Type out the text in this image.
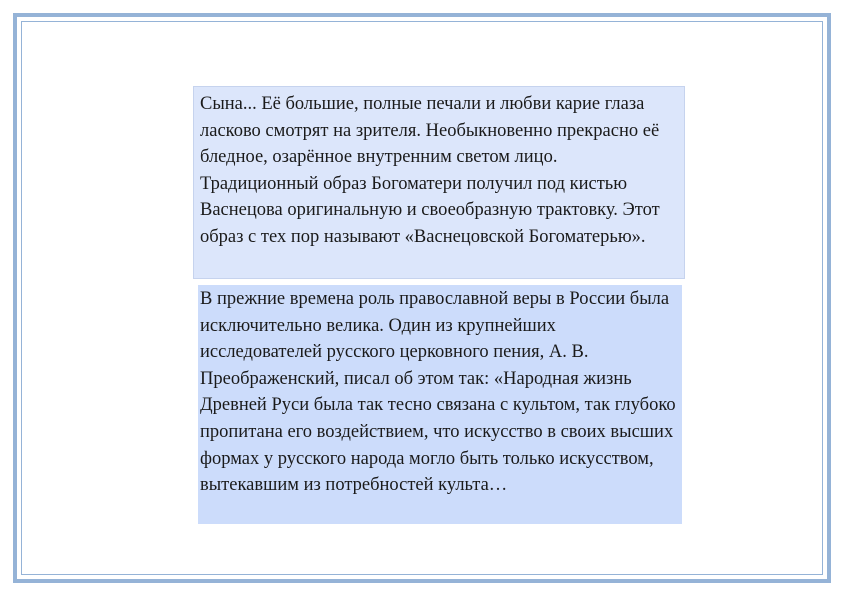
Сына... Её большие, полные печали и любви карие глаза ласково смотрят на зрителя. Необыкновенно прекрасно её бледное, озарённое внутренним светом лицо. Традиционный образ Богоматери получил под кистью Васнецова оригинальную и своеобразную трактовку. Этот образ с тех пор называют «Васнецовской Богоматерью».

В прежние времена роль православной веры в России была исключительно велика. Один из крупнейших исследователей русского церковного пения, А. В. Преображенский, писал об этом так: «Народная жизнь Древней Руси была так тесно связана с культом, так глубоко пропитана его воздействием, что искусство в своих высших формах у русского народа могло быть только искусством, вытекавшим из потребностей культа…
